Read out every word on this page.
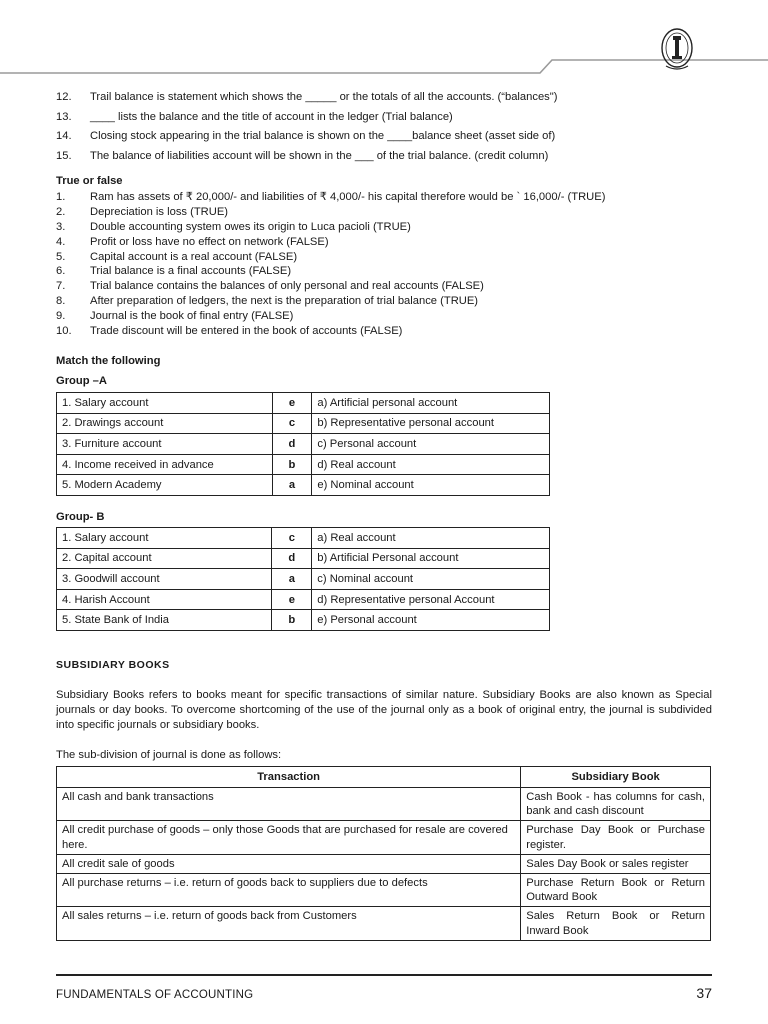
12.	Trail balance is statement which shows the _____ or the totals of all the accounts. (“balances")
13.	____ lists the balance and the title of account in the ledger (Trial balance)
14.	Closing stock appearing in the trial balance is shown on the ____balance sheet (asset side of)
15.	The balance of liabilities account will be shown in the ___ of the trial balance. (credit column)
True or false
1.	Ram has assets of ₹ 20,000/- and liabilities of ₹ 4,000/- his capital therefore would be ` 16,000/- (TRUE)
2.	Depreciation is loss (TRUE)
3.	Double accounting system owes its origin to Luca pacioli (TRUE)
4.	Profit or loss have no effect on network (FALSE)
5.	Capital account is a real account (FALSE)
6.	Trial balance is a final accounts (FALSE)
7.	Trial balance contains the balances of only personal and real accounts (FALSE)
8.	After preparation of ledgers, the next is the preparation of trial balance (TRUE)
9.	Journal is the book of final entry (FALSE)
10.	Trade discount will be entered in the book of accounts (FALSE)
Match the following
Group –A
1. Salary account	e	a) Artificial personal account
2. Drawings account	c	b) Representative personal account
3. Furniture account	d	c) Personal account
4. Income received in advance	b	d) Real account
5. Modern Academy	a	e) Nominal account
Group- B
1. Salary account	c	a) Real account
2. Capital account	d	b) Artificial Personal account
3. Goodwill account	a	c) Nominal account
4. Harish Account	e	d) Representative personal Account
5. State Bank of India	b	e) Personal account
SUBSIDIARY BOOKS

Subsidiary Books refers to books meant for specific transactions of similar nature. Subsidiary Books are also known as Special journals or day books. To overcome shortcoming of the use of the journal only as a book of original entry, the journal is subdivided into specific journals or subsidiary books.

The sub-division of journal is done as follows:
Transaction	Subsidiary Book
All cash and bank transactions	Cash Book - has columns for cash, bank and cash discount
All credit purchase of goods – only those Goods that are purchased for resale are covered here.	Purchase Day Book or Purchase register.
All credit sale of goods	Sales Day Book or sales register
All purchase returns – i.e. return of goods back to suppliers due to defects	Purchase Return Book or Return Outward Book
All sales returns – i.e. return of goods back from Customers	Sales Return Book or Return Inward Book
FUNDAMENTALS OF ACCOUNTING	37
